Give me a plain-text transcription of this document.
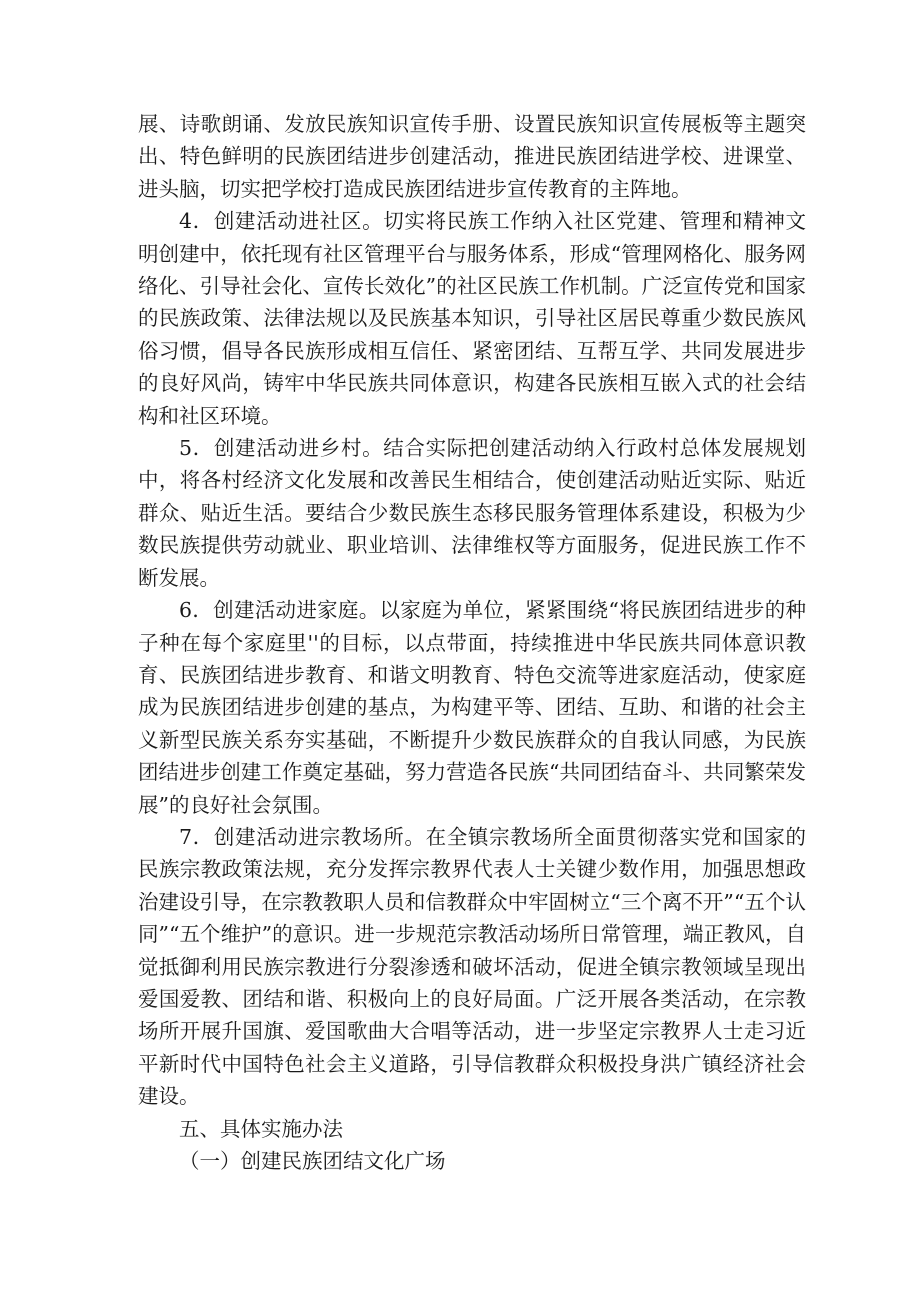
展、诗歌朗诵、发放民族知识宣传手册、设置民族知识宣传展板等主题突出、特色鲜明的民族团结进步创建活动，推进民族团结进学校、进课堂、进头脑，切实把学校打造成民族团结进步宣传教育的主阵地。

4．创建活动进社区。切实将民族工作纳入社区党建、管理和精神文明创建中，依托现有社区管理平台与服务体系，形成“管理网格化、服务网络化、引导社会化、宣传长效化”的社区民族工作机制。广泛宣传党和国家的民族政策、法律法规以及民族基本知识，引导社区居民尊重少数民族风俗习惯，倡导各民族形成相互信任、紧密团结、互帮互学、共同发展进步的良好风尚，铸牢中华民族共同体意识，构建各民族相互嵌入式的社会结构和社区环境。

5．创建活动进乡村。结合实际把创建活动纳入行政村总体发展规划中，将各村经济文化发展和改善民生相结合，使创建活动贴近实际、贴近群众、贴近生活。要结合少数民族生态移民服务管理体系建设，积极为少数民族提供劳动就业、职业培训、法律维权等方面服务，促进民族工作不断发展。

6．创建活动进家庭。以家庭为单位，紧紧围绕“将民族团结进步的种子种在每个家庭里''的目标，以点带面，持续推进中华民族共同体意识教育、民族团结进步教育、和谐文明教育、特色交流等进家庭活动，使家庭成为民族团结进步创建的基点，为构建平等、团结、互助、和谐的社会主义新型民族关系夯实基础，不断提升少数民族群众的自我认同感，为民族团结进步创建工作奠定基础，努力营造各民族“共同团结奋斗、共同繁荣发展”的良好社会氛围。

7．创建活动进宗教场所。在全镇宗教场所全面贯彻落实党和国家的民族宗教政策法规，充分发挥宗教界代表人士关键少数作用，加强思想政治建设引导，在宗教教职人员和信教群众中牢固树立“三个离不开”“五个认同”“五个维护”的意识。进一步规范宗教活动场所日常管理，端正教风，自觉抵御利用民族宗教进行分裂渗透和破坏活动，促进全镇宗教领域呈现出爱国爱教、团结和谐、积极向上的良好局面。广泛开展各类活动，在宗教场所开展升国旗、爱国歌曲大合唱等活动，进一步坚定宗教界人士走习近平新时代中国特色社会主义道路，引导信教群众积极投身洪广镇经济社会建设。

五、具体实施办法

（一）创建民族团结文化广场
